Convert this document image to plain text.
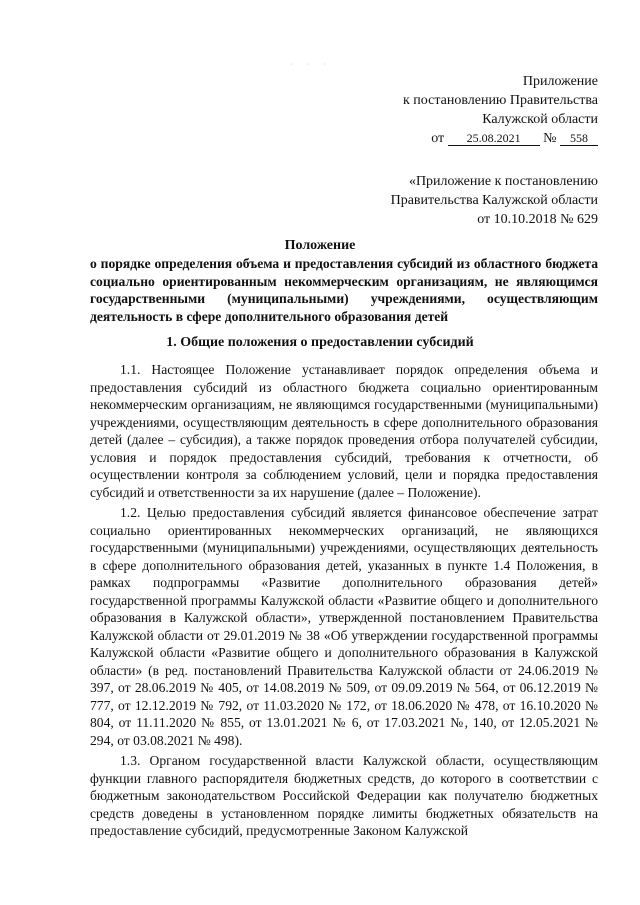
· · ·
Приложение
к постановлению Правительства
Калужской области
от 25.08.2021 № 558
«Приложение к постановлению
Правительства Калужской области
от 10.10.2018 № 629
Положение
о порядке определения объема и предоставления субсидий из областного бюджета социально ориентированным некоммерческим организациям, не являющимся государственными (муниципальными) учреждениями, осуществляющим деятельность в сфере дополнительного образования детей
1. Общие положения о предоставлении субсидий

1.1. Настоящее Положение устанавливает порядок определения объема и предоставления субсидий из областного бюджета социально ориентированным некоммерческим организациям, не являющимся государственными (муниципальными) учреждениями, осуществляющим деятельность в сфере дополнительного образования детей (далее – субсидия), а также порядок проведения отбора получателей субсидии, условия и порядок предоставления субсидий, требования к отчетности, об осуществлении контроля за соблюдением условий, цели и порядка предоставления субсидий и ответственности за их нарушение (далее – Положение).

1.2. Целью предоставления субсидий является финансовое обеспечение затрат социально ориентированных некоммерческих организаций, не являющихся государственными (муниципальными) учреждениями, осуществляющих деятельность в сфере дополнительного образования детей, указанных в пункте 1.4 Положения, в рамках подпрограммы «Развитие дополнительного образования детей» государственной программы Калужской области «Развитие общего и дополнительного образования в Калужской области», утвержденной постановлением Правительства Калужской области от 29.01.2019 № 38 «Об утверждении государственной программы Калужской области «Развитие общего и дополнительного образования в Калужской области» (в ред. постановлений Правительства Калужской области от 24.06.2019 № 397, от 28.06.2019 № 405, от 14.08.2019 № 509, от 09.09.2019 № 564, от 06.12.2019 № 777, от 12.12.2019 № 792, от 11.03.2020 № 172, от 18.06.2020 № 478, от 16.10.2020 № 804, от 11.11.2020 № 855, от 13.01.2021 № 6, от 17.03.2021 №, 140, от 12.05.2021 № 294, от 03.08.2021 № 498).

1.3. Органом государственной власти Калужской области, осуществляющим функции главного распорядителя бюджетных средств, до которого в соответствии с бюджетным законодательством Российской Федерации как получателю бюджетных средств доведены в установленном порядке лимиты бюджетных обязательств на предоставление субсидий, предусмотренные Законом Калужской
